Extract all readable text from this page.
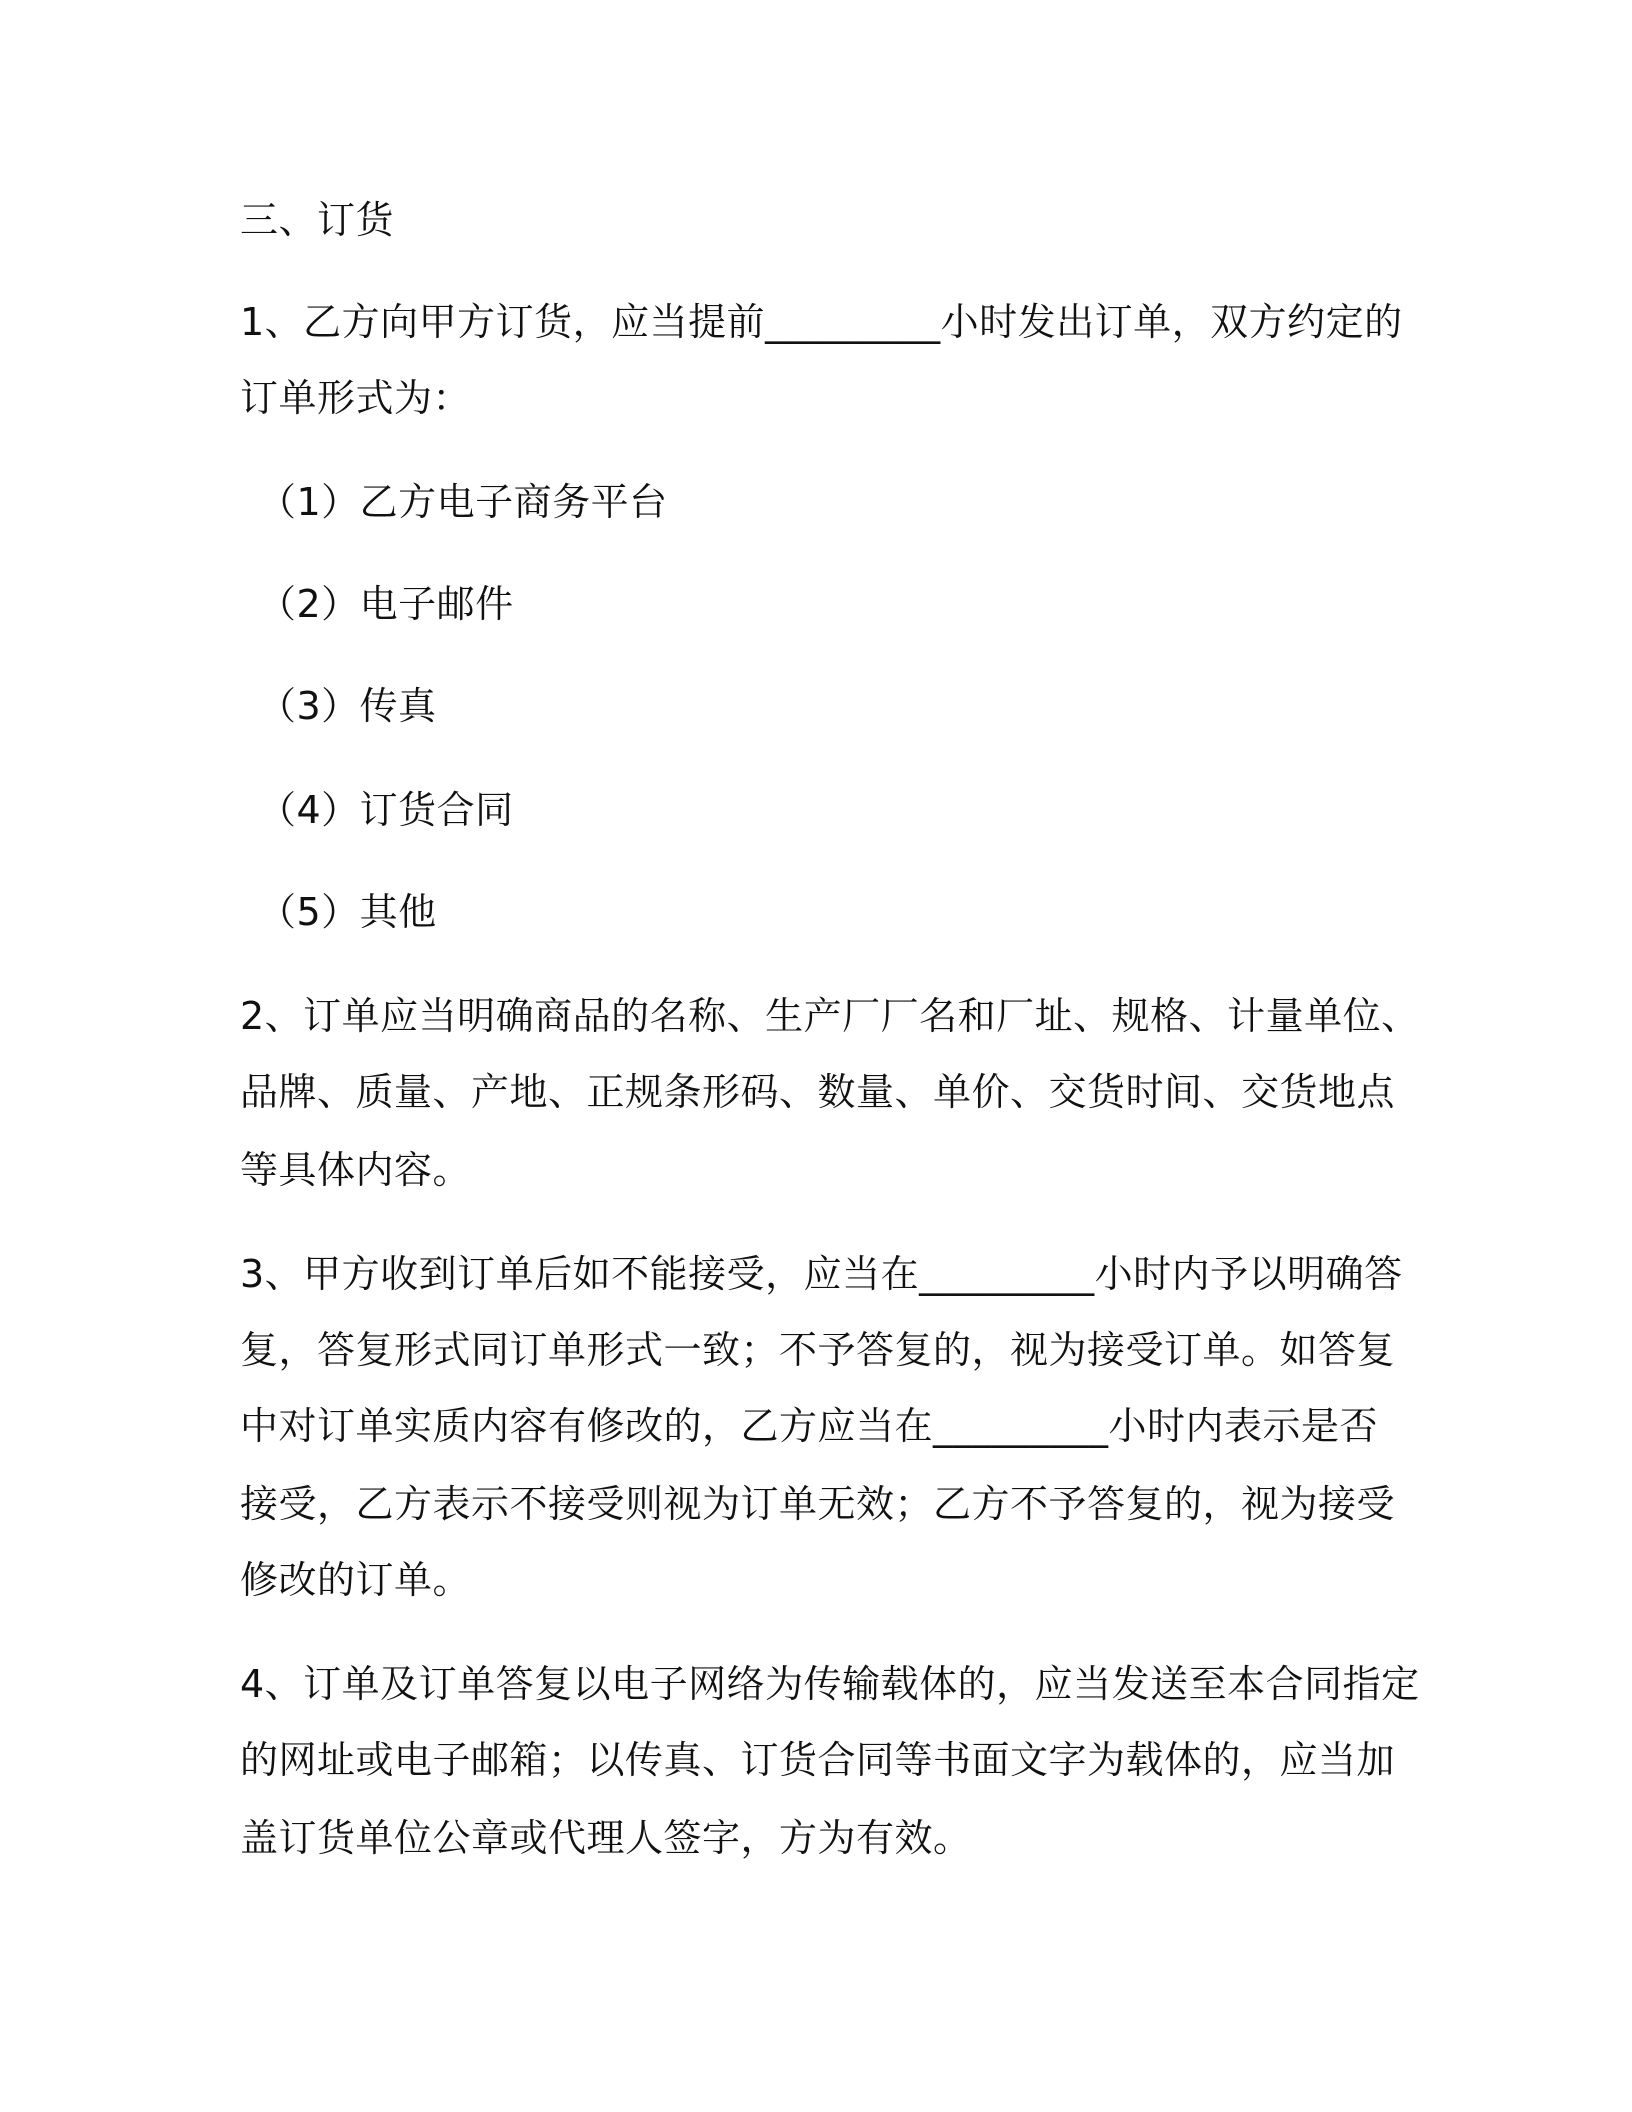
三、订货
1、乙方向甲方订货，应当提前_________小时发出订单，双方约定的
订单形式为：
（1）乙方电子商务平台
（2）电子邮件
（3）传真
（4）订货合同
（5）其他
2、订单应当明确商品的名称、生产厂厂名和厂址、规格、计量单位、
品牌、质量、产地、正规条形码、数量、单价、交货时间、交货地点
等具体内容。
3、甲方收到订单后如不能接受，应当在_________小时内予以明确答
复，答复形式同订单形式一致；不予答复的，视为接受订单。如答复
中对订单实质内容有修改的，乙方应当在_________小时内表示是否
接受，乙方表示不接受则视为订单无效；乙方不予答复的，视为接受
修改的订单。
4、订单及订单答复以电子网络为传输载体的，应当发送至本合同指定
的网址或电子邮箱；以传真、订货合同等书面文字为载体的，应当加
盖订货单位公章或代理人签字，方为有效。
